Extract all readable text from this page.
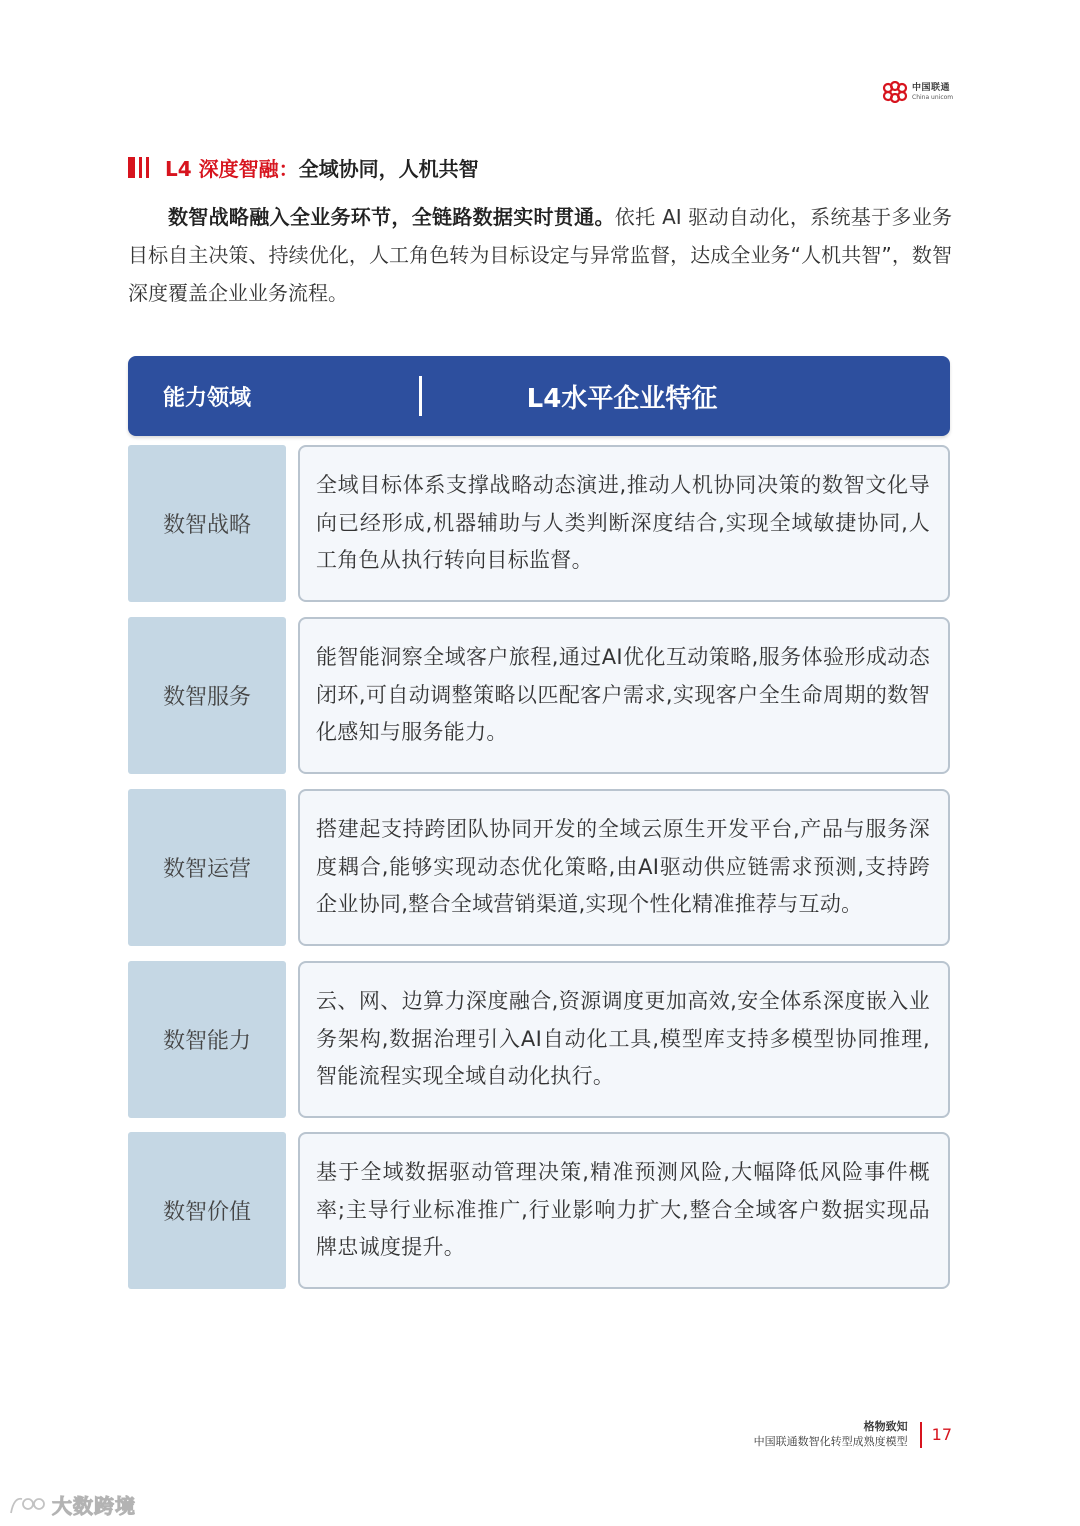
中国联通
China unicom
L4 深度智融： 全域协同，人机共智

数智战略融入全业务环节，全链路数据实时贯通。依托 AI 驱动自动化，系统基于多业务目标自主决策、持续优化，人工角色转为目标设定与异常监督，达成全业务“人机共智”，数智深度覆盖企业业务流程。

能力领域	L4水平企业特征
数智战略

全域目标体系支撑战略动态演进,推动人机协同决策的数智文化导向已经形成,机器辅助与人类判断深度结合,实现全域敏捷协同,人工角色从执行转向目标监督。

数智服务

能智能洞察全域客户旅程,通过AI优化互动策略,服务体验形成动态闭环,可自动调整策略以匹配客户需求,实现客户全生命周期的数智化感知与服务能力。

数智运营

搭建起支持跨团队协同开发的全域云原生开发平台,产品与服务深度耦合,能够实现动态优化策略,由AI驱动供应链需求预测,支持跨企业协同,整合全域营销渠道,实现个性化精准推荐与互动。

数智能力

云、网、边算力深度融合,资源调度更加高效,安全体系深度嵌入业务架构,数据治理引入AI自动化工具,模型库支持多模型协同推理,智能流程实现全域自动化执行。

数智价值

基于全域数据驱动管理决策,精准预测风险,大幅降低风险事件概率;主导行业标准推广,行业影响力扩大,整合全域客户数据实现品牌忠诚度提升。

格物致知
中国联通数智化转型成熟度模型 17
大数跨境
